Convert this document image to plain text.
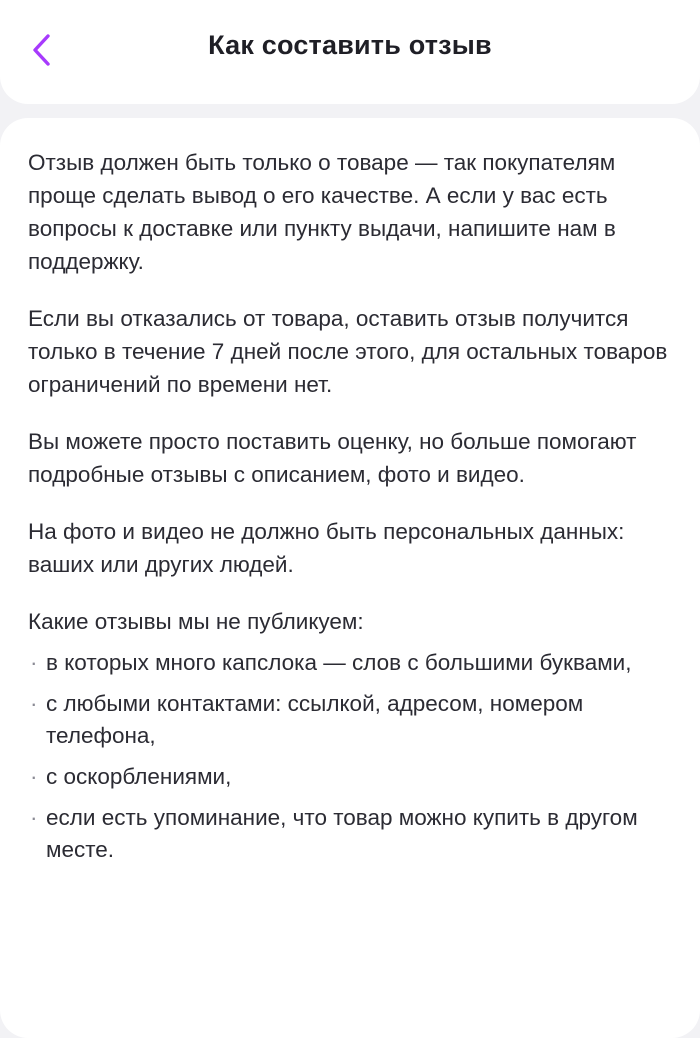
Как составить отзыв

Отзыв должен быть только о товаре — так покупателям проще сделать вывод о его качестве. А если у вас есть вопросы к доставке или пункту выдачи, напишите нам в поддержку.

Если вы отказались от товара, оставить отзыв получится только в течение 7 дней после этого, для остальных товаров ограничений по времени нет.

Вы можете просто поставить оценку, но больше помогают подробные отзывы с описанием, фото и видео.

На фото и видео не должно быть персональных данных: ваших или других людей.

Какие отзывы мы не публикуем:

· в которых много капслока — слов с большими буквами,
· с любыми контактами: ссылкой, адресом, номером телефона,
· с оскорблениями,
· если есть упоминание, что товар можно купить в другом месте.
